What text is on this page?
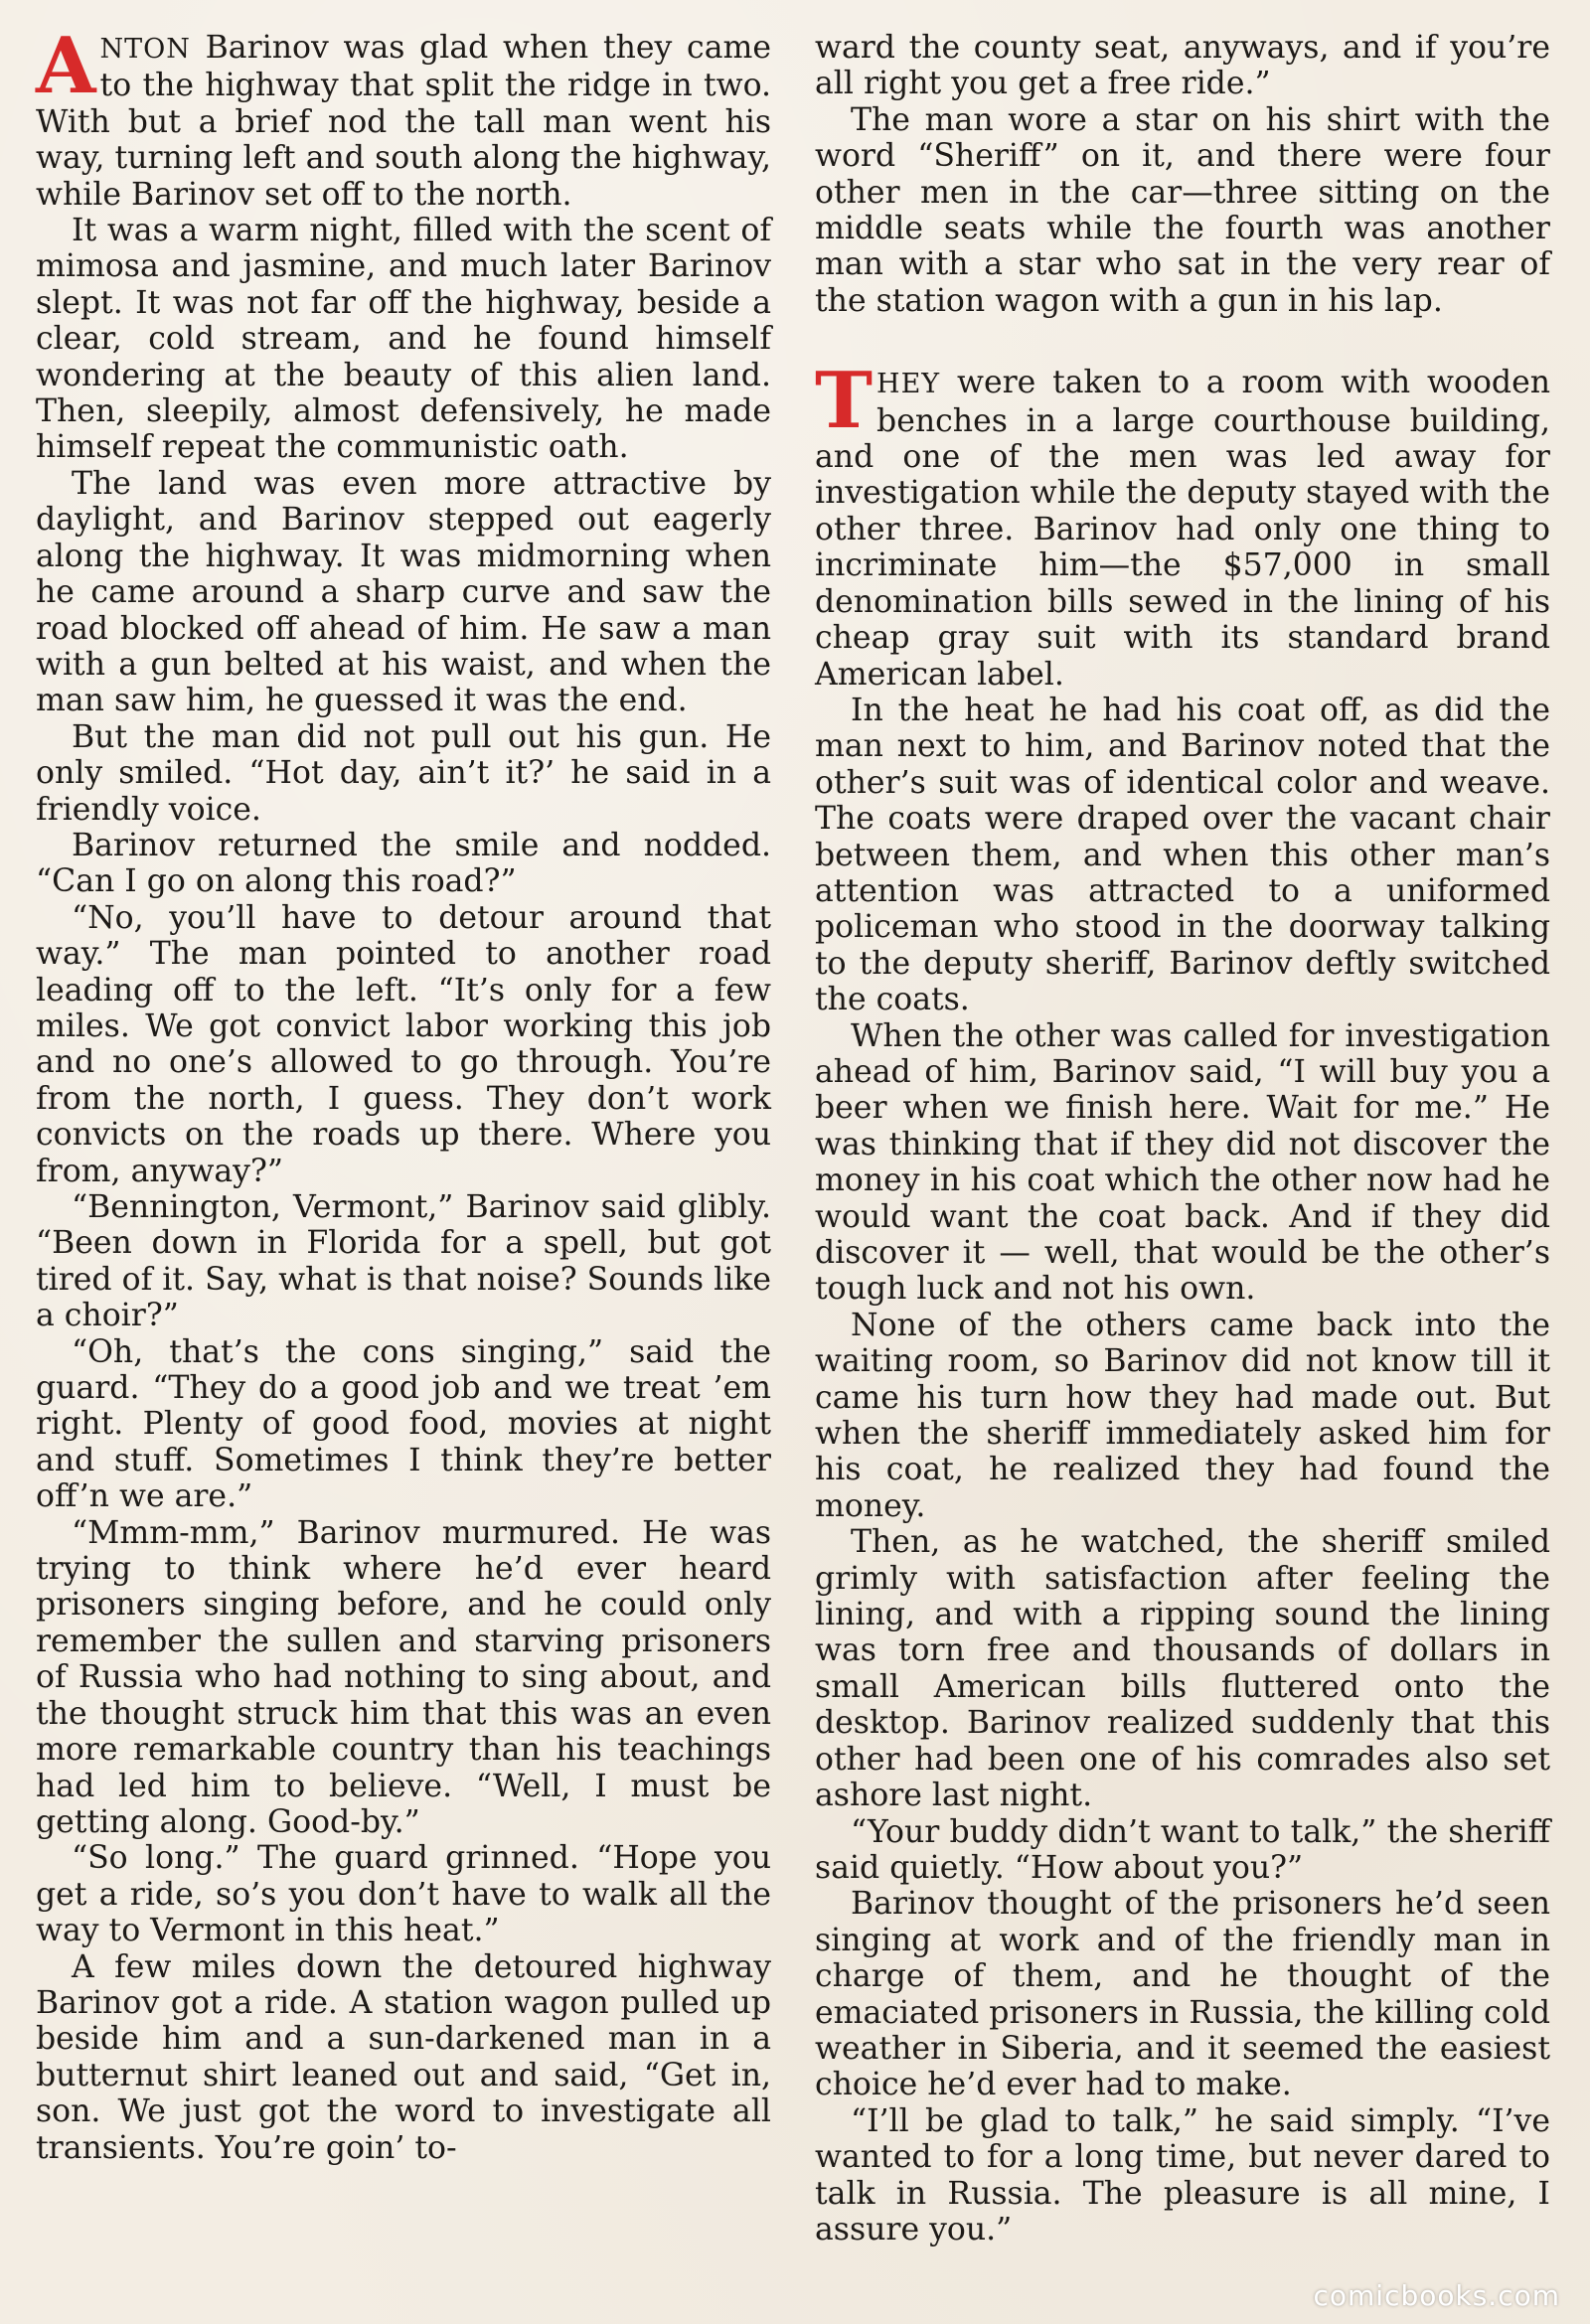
ANTON Barinov was glad when they came to the highway that split the ridge in two. With but a brief nod the tall man went his way, turning left and south along the highway, while Barinov set off to the north.

It was a warm night, filled with the scent of mimosa and jasmine, and much later Barinov slept. It was not far off the highway, beside a clear, cold stream, and he found himself wondering at the beauty of this alien land. Then, sleepily, almost defensively, he made himself repeat the communistic oath.

The land was even more attractive by daylight, and Barinov stepped out eagerly along the highway. It was midmorning when he came around a sharp curve and saw the road blocked off ahead of him. He saw a man with a gun belted at his waist, and when the man saw him, he guessed it was the end.

But the man did not pull out his gun. He only smiled. “Hot day, ain’t it?’ he said in a friendly voice.

Barinov returned the smile and nodded. “Can I go on along this road?”

“No, you’ll have to detour around that way.” The man pointed to another road leading off to the left. “It’s only for a few miles. We got convict labor working this job and no one’s allowed to go through. You’re from the north, I guess. They don’t work convicts on the roads up there. Where you from, anyway?”

“Bennington, Vermont,” Barinov said glibly. “Been down in Florida for a spell, but got tired of it. Say, what is that noise? Sounds like a choir?”

“Oh, that’s the cons singing,” said the guard. “They do a good job and we treat ’em right. Plenty of good food, movies at night and stuff. Sometimes I think they’re better off’n we are.”

“Mmm-mm,” Barinov murmured. He was trying to think where he’d ever heard prisoners singing before, and he could only remember the sullen and starving prisoners of Russia who had nothing to sing about, and the thought struck him that this was an even more remarkable country than his teachings had led him to believe. “Well, I must be getting along. Good-by.”

“So long.” The guard grinned. “Hope you get a ride, so’s you don’t have to walk all the way to Vermont in this heat.”

A few miles down the detoured highway Barinov got a ride. A station wagon pulled up beside him and a sun-darkened man in a butternut shirt leaned out and said, “Get in, son. We just got the word to investigate all transients. You’re goin’ to-

ward the county seat, anyways, and if you’re all right you get a free ride.”

The man wore a star on his shirt with the word “Sheriff” on it, and there were four other men in the car—three sitting on the middle seats while the fourth was another man with a star who sat in the very rear of the station wagon with a gun in his lap.

THEY were taken to a room with wooden benches in a large courthouse building, and one of the men was led away for investigation while the deputy stayed with the other three. Barinov had only one thing to incriminate him—the $57,000 in small denomination bills sewed in the lining of his cheap gray suit with its standard brand American label.

In the heat he had his coat off, as did the man next to him, and Barinov noted that the other’s suit was of identical color and weave. The coats were draped over the vacant chair between them, and when this other man’s attention was attracted to a uniformed policeman who stood in the doorway talking to the deputy sheriff, Barinov deftly switched the coats.

When the other was called for investigation ahead of him, Barinov said, “I will buy you a beer when we finish here. Wait for me.” He was thinking that if they did not discover the money in his coat which the other now had he would want the coat back. And if they did discover it — well, that would be the other’s tough luck and not his own.

None of the others came back into the waiting room, so Barinov did not know till it came his turn how they had made out. But when the sheriff immediately asked him for his coat, he realized they had found the money.

Then, as he watched, the sheriff smiled grimly with satisfaction after feeling the lining, and with a ripping sound the lining was torn free and thousands of dollars in small American bills fluttered onto the desktop. Barinov realized suddenly that this other had been one of his comrades also set ashore last night.

“Your buddy didn’t want to talk,” the sheriff said quietly. “How about you?”

Barinov thought of the prisoners he’d seen singing at work and of the friendly man in charge of them, and he thought of the emaciated prisoners in Russia, the killing cold weather in Siberia, and it seemed the easiest choice he’d ever had to make.

“I’ll be glad to talk,” he said simply. “I’ve wanted to for a long time, but never dared to talk in Russia. The pleasure is all mine, I assure you.”

comicbooks.com
